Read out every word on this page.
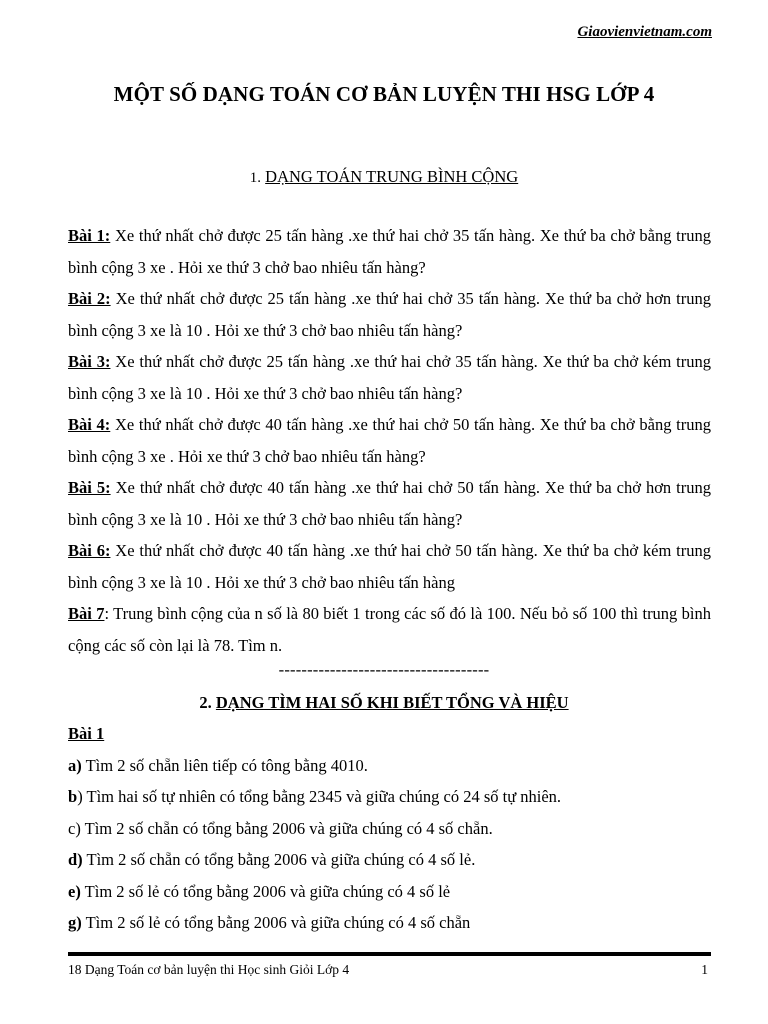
Giaovienvietnam.com
MỘT SỐ DẠNG TOÁN CƠ BẢN LUYỆN THI HSG LỚP 4
1. DẠNG TOÁN TRUNG BÌNH CỘNG

Bài 1: Xe thứ nhất chở được 25 tấn hàng .xe thứ hai chở 35 tấn hàng. Xe thứ ba chở bằng trung bình cộng 3 xe . Hỏi xe thứ 3 chở bao nhiêu tấn hàng?

Bài 2: Xe thứ nhất chở được 25 tấn hàng .xe thứ hai chở 35 tấn hàng. Xe thứ ba chở hơn trung bình cộng 3 xe là 10 . Hỏi xe thứ 3 chở bao nhiêu tấn hàng?

Bài 3: Xe thứ nhất chở được 25 tấn hàng .xe thứ hai chở 35 tấn hàng. Xe thứ ba chở kém trung bình cộng 3 xe là 10 . Hỏi xe thứ 3 chở bao nhiêu tấn hàng?

Bài 4: Xe thứ nhất chở được 40 tấn hàng .xe thứ hai chở 50 tấn hàng. Xe thứ ba chở bằng trung bình cộng 3 xe . Hỏi xe thứ 3 chở bao nhiêu tấn hàng?

Bài 5: Xe thứ nhất chở được 40 tấn hàng .xe thứ hai chở 50 tấn hàng. Xe thứ ba chở hơn trung bình cộng 3 xe là 10 . Hỏi xe thứ 3 chở bao nhiêu tấn hàng?

Bài 6: Xe thứ nhất chở được 40 tấn hàng .xe thứ hai chở 50 tấn hàng. Xe thứ ba chở kém trung bình cộng 3 xe là 10 . Hỏi xe thứ 3 chở bao nhiêu tấn hàng

Bài 7: Trung bình cộng của n số là 80 biết 1 trong các số đó là 100. Nếu bỏ số 100 thì trung bình cộng các số còn lại là 78. Tìm n.

-------------------------------------
2. DẠNG TÌM HAI SỐ KHI BIẾT TỔNG VÀ HIỆU

Bài 1

a) Tìm 2 số chẵn liên tiếp có tông bằng 4010.

b) Tìm hai số tự nhiên có tổng bằng 2345 và giữa chúng có 24 số tự nhiên.

c) Tìm 2 số chẵn có tổng bằng 2006 và giữa chúng có 4 số chẵn.

d) Tìm 2 số chẵn có tổng bằng 2006 và giữa chúng có 4 số lẻ.

e) Tìm 2 số lẻ có tổng bằng 2006 và giữa chúng có 4 số lẻ

g) Tìm 2 số lẻ có tổng bằng 2006 và giữa chúng có 4 số chẵn

18 Dạng Toán cơ bản luyện thi Học sinh Giỏi Lớp 4	1
